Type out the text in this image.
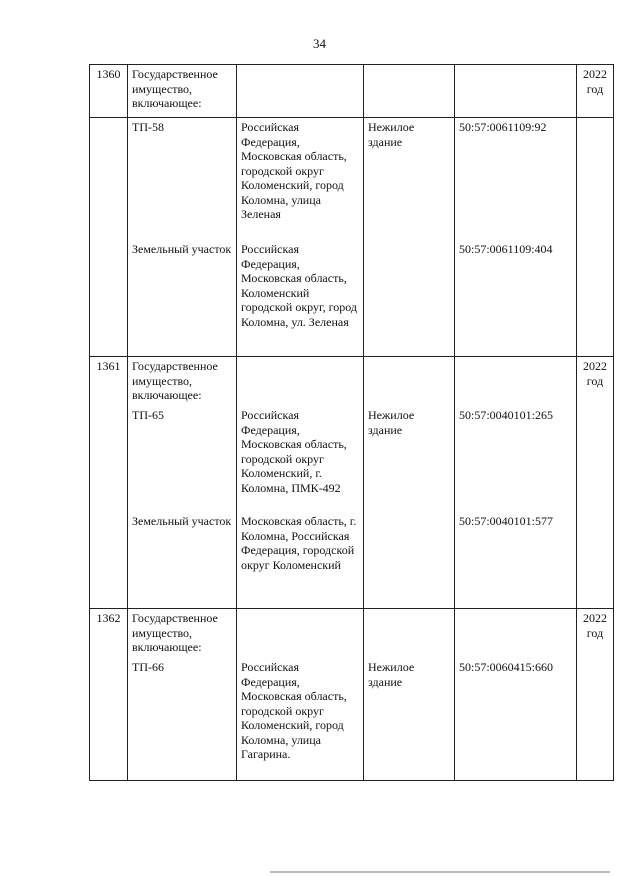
34
1360	Государственное имущество, включающее:				2022
год
	ТП-58	Российская Федерация, Московская область, городской округ Коломенский, город Коломна, улица Зеленая	Нежилое здание	50:57:0061109:92	
	Земельный участок	Российская Федерация, Московская область, Коломенский городской округ, город Коломна, ул. Зеленая		50:57:0061109:404	
1361	Государственное имущество, включающее:				2022
год
	ТП-65	Российская Федерация, Московская область, городской округ Коломенский, г. Коломна, ПМК-492	Нежилое здание	50:57:0040101:265	
	Земельный участок	Московская область, г. Коломна, Российская Федерация, городской округ Коломенский		50:57:0040101:577	
1362	Государственное имущество, включающее:				2022
год
	ТП-66	Российская Федерация, Московская область, городской округ Коломенский, город Коломна, улица Гагарина.	Нежилое здание	50:57:0060415:660	
